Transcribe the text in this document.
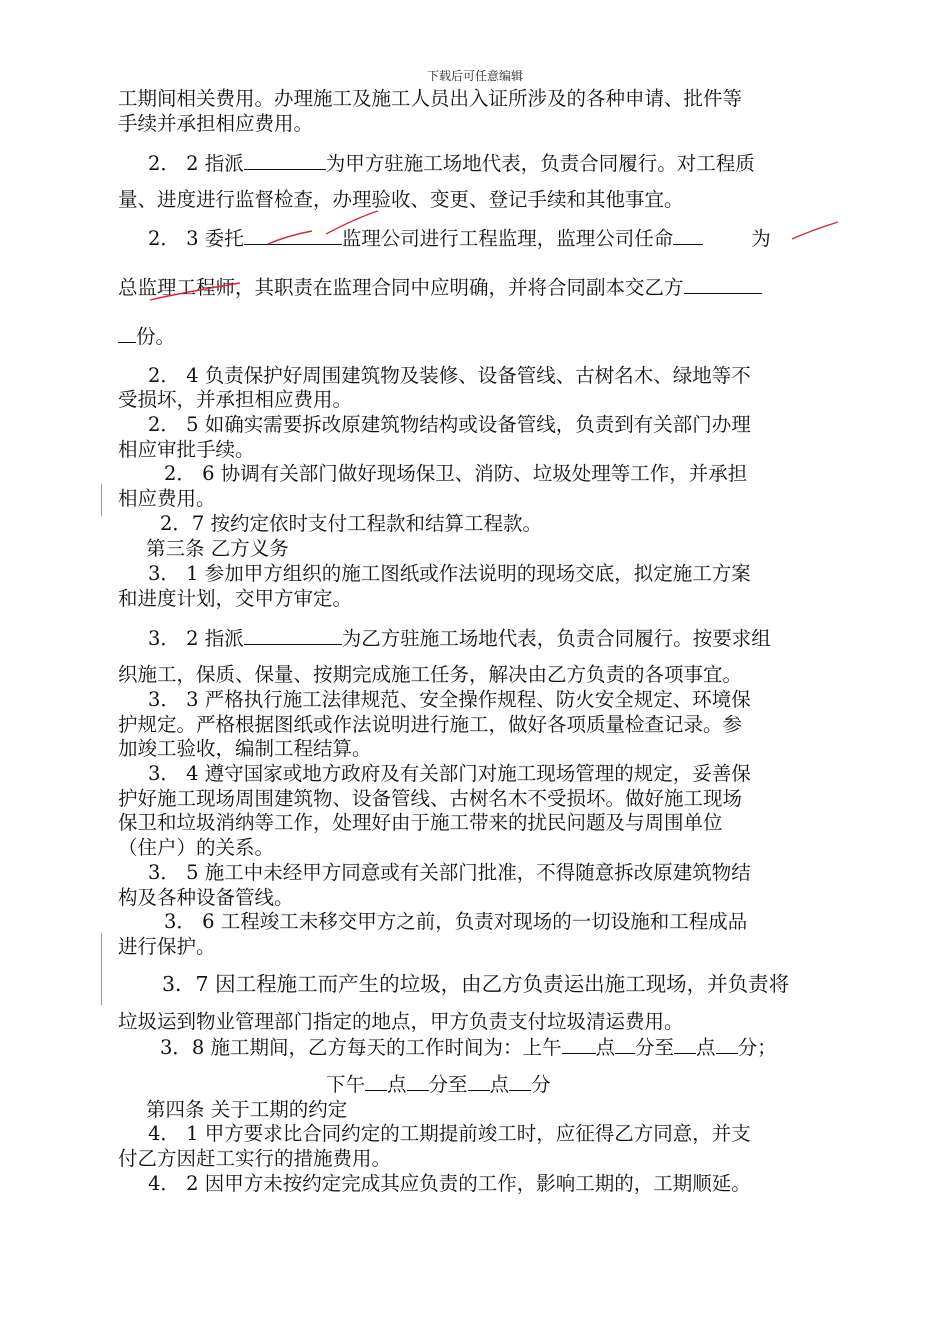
下载后可任意编辑
工期间相关费用。办理施工及施工人员出入证所涉及的各种申请、批件等
手续并承担相应费用。
2． 2 指派	为甲方驻施工场地代表，负责合同履行。对工程质
量、进度进行监督检查，办理验收、变更、登记手续和其他事宜。
2． 3 委托	监理公司进行工程监理，监理公司任命	为
总监理工程师，其职责在监理合同中应明确，并将合同副本交乙方
份。
2． 4 负责保护好周围建筑物及装修、设备管线、古树名木、绿地等不
受损坏，并承担相应费用。
2． 5 如确实需要拆改原建筑物结构或设备管线，负责到有关部门办理
相应审批手续。
2． 6 协调有关部门做好现场保卫、消防、垃圾处理等工作，并承担
相应费用。
2．7 按约定依时支付工程款和结算工程款。
第三条 乙方义务
3． 1 参加甲方组织的施工图纸或作法说明的现场交底，拟定施工方案
和进度计划，交甲方审定。
3． 2 指派	为乙方驻施工场地代表，负责合同履行。按要求组
织施工，保质、保量、按期完成施工任务，解决由乙方负责的各项事宜。
3． 3 严格执行施工法律规范、安全操作规程、防火安全规定、环境保
护规定。严格根据图纸或作法说明进行施工，做好各项质量检查记录。参
加竣工验收，编制工程结算。
3． 4 遵守国家或地方政府及有关部门对施工现场管理的规定，妥善保
护好施工现场周围建筑物、设备管线、古树名木不受损坏。做好施工现场
保卫和垃圾消纳等工作，处理好由于施工带来的扰民问题及与周围单位
（住户）的关系。
3． 5 施工中未经甲方同意或有关部门批准，不得随意拆改原建筑物结
构及各种设备管线。
3． 6 工程竣工未移交甲方之前，负责对现场的一切设施和工程成品
进行保护。
3．7 因工程施工而产生的垃圾，由乙方负责运出施工现场，并负责将
垃圾运到物业管理部门指定的地点，甲方负责支付垃圾清运费用。
3．8 施工期间，乙方每天的工作时间为：上午 点 分至 点 分；
下午 点 分至 点 分
第四条 关于工期的约定
4． 1 甲方要求比合同约定的工期提前竣工时，应征得乙方同意，并支
付乙方因赶工实行的措施费用。
4． 2 因甲方未按约定完成其应负责的工作，影响工期的，工期顺延。
